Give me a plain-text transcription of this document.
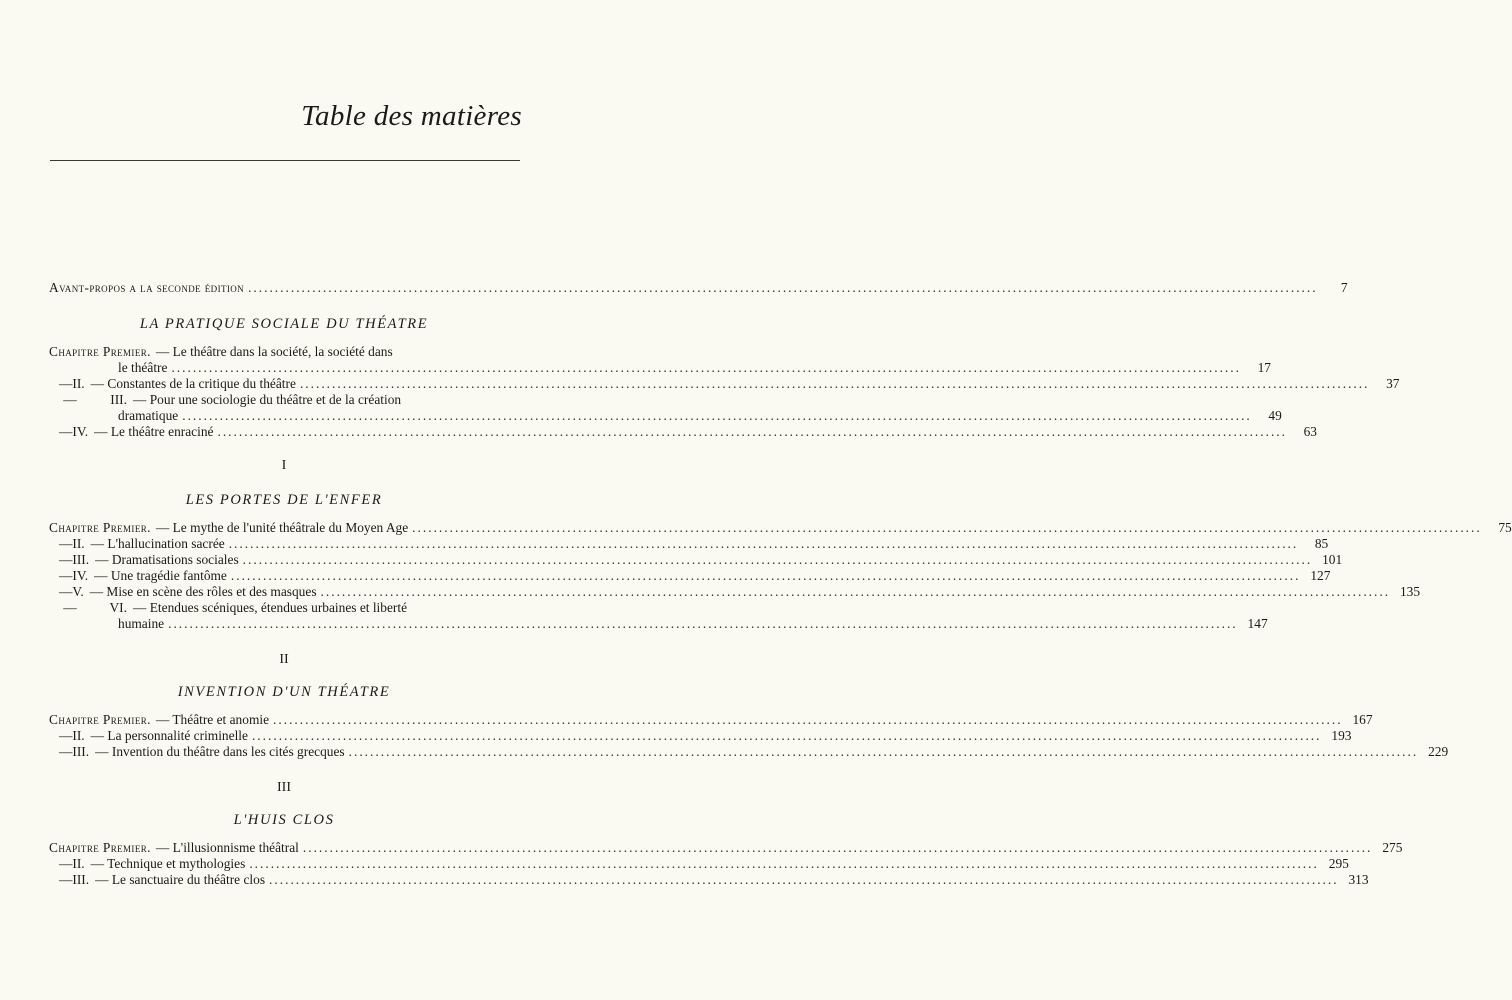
Table des matières
Avant-propos a la seconde édition ........................................................................................................................................................................................................	7
LA PRATIQUE SOCIALE DU THÉATRE
Chapitre Premier. — Le théâtre dans la société, la société dans
le théâtre ........................................................................................................................................................................................................	17
— II. — Constantes de la critique du théâtre ........................................................................................................................................................................................................	37
—	III. — Pour une sociologie du théâtre et de la création
dramatique ........................................................................................................................................................................................................	49
— IV. — Le théâtre enraciné ........................................................................................................................................................................................................	63
I
LES PORTES DE L'ENFER
Chapitre Premier. — Le mythe de l'unité théâtrale du Moyen Age ........................................................................................................................................................................................................	75
— II. — L'hallucination sacrée ........................................................................................................................................................................................................	85
— III. — Dramatisations sociales ........................................................................................................................................................................................................ 101
— IV. — Une tragédie fantôme ........................................................................................................................................................................................................ 127
— V. — Mise en scène des rôles et des masques ........................................................................................................................................................................................................ 135
—	VI. — Etendues scéniques, étendues urbaines et liberté
humaine ........................................................................................................................................................................................................ 147
II
INVENTION D'UN THÉATRE
Chapitre Premier. — Théâtre et anomie ........................................................................................................................................................................................................ 167
— II. — La personnalité criminelle ........................................................................................................................................................................................................ 193
— III. — Invention du théâtre dans les cités grecques ........................................................................................................................................................................................................ 229
III
L'HUIS CLOS
Chapitre Premier. — L'illusionnisme théâtral ........................................................................................................................................................................................................ 275
— II. — Technique et mythologies ........................................................................................................................................................................................................ 295
— III. — Le sanctuaire du théâtre clos ........................................................................................................................................................................................................ 313
